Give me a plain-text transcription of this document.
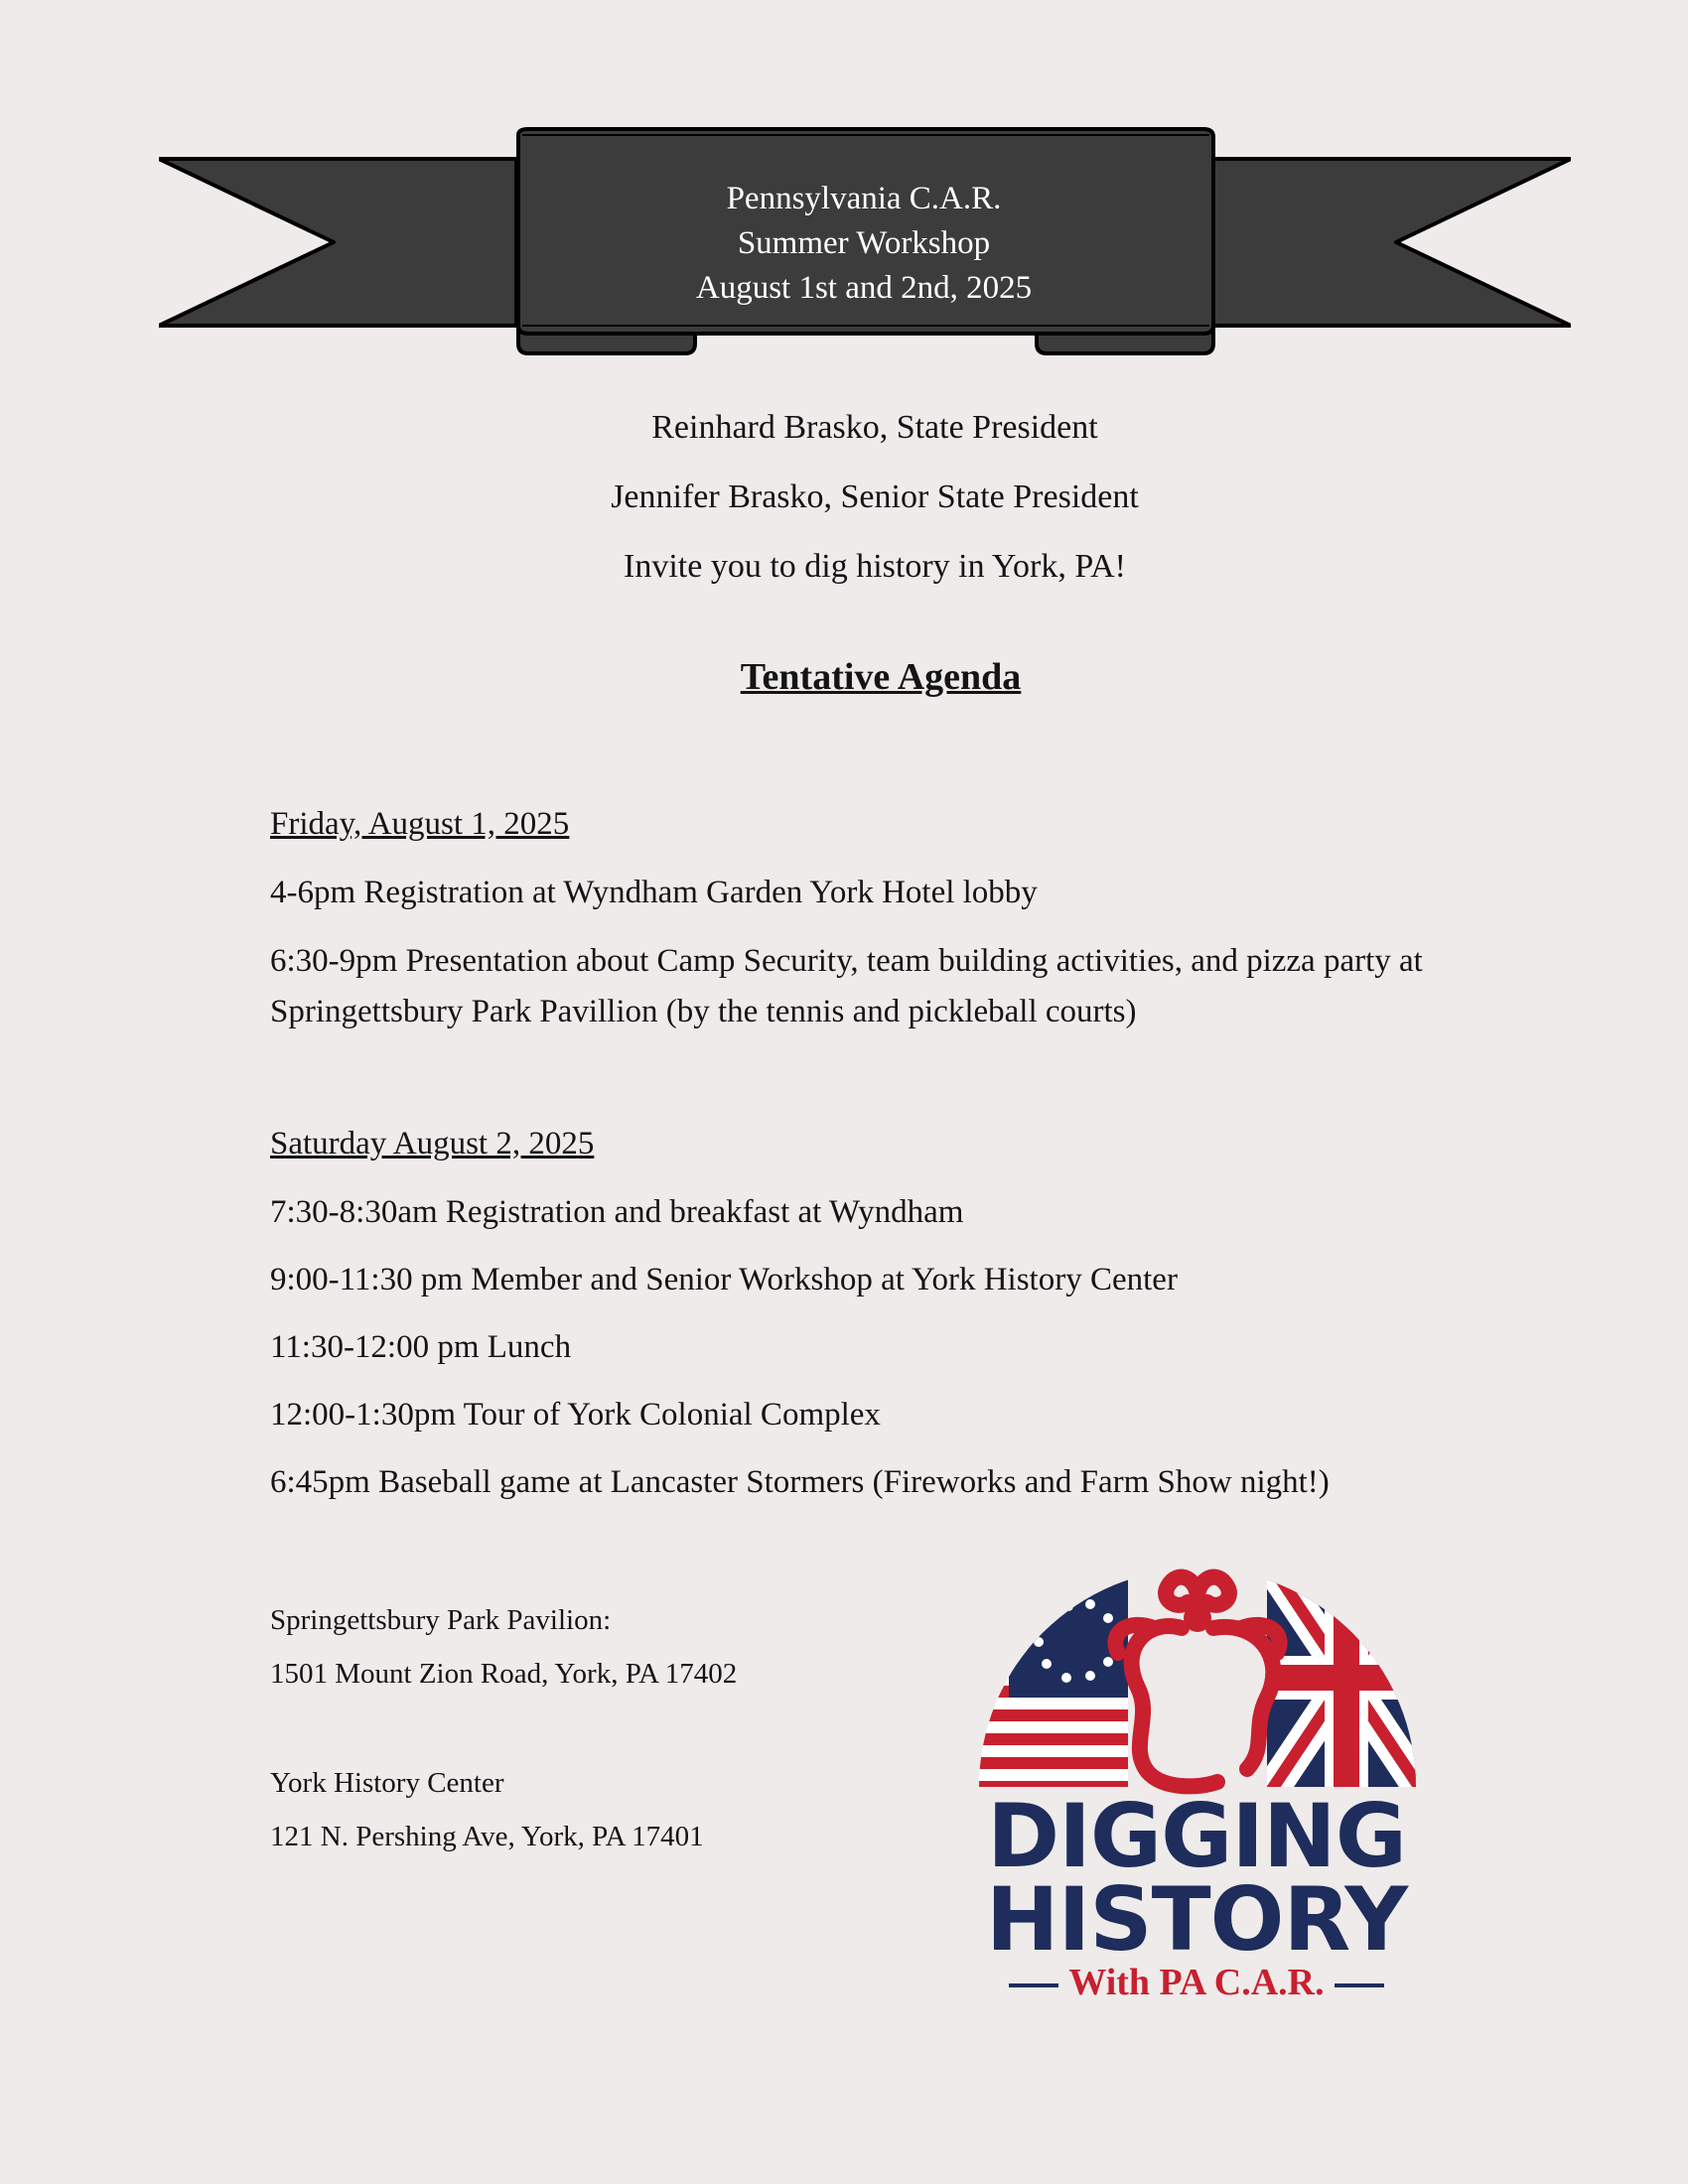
Pennsylvania C.A.R.
Summer Workshop
August 1st and 2nd, 2025
Reinhard Brasko, State President
Jennifer Brasko, Senior State President
Invite you to dig history in York, PA!
Tentative Agenda
Friday, August 1, 2025
4-6pm Registration at Wyndham Garden York Hotel lobby
6:30-9pm Presentation about Camp Security, team building activities, and pizza party at Springettsbury Park Pavillion (by the tennis and pickleball courts)
Saturday August 2, 2025
7:30-8:30am Registration and breakfast at Wyndham
9:00-11:30 pm Member and Senior Workshop at York History Center
11:30-12:00 pm Lunch
12:00-1:30pm Tour of York Colonial Complex
6:45pm Baseball game at Lancaster Stormers (Fireworks and Farm Show night!)
Springettsbury Park Pavilion:
1501 Mount Zion Road, York, PA 17402
York History Center
121 N. Pershing Ave, York, PA 17401	DIGGING
HISTORY
With PA C.A.R.
